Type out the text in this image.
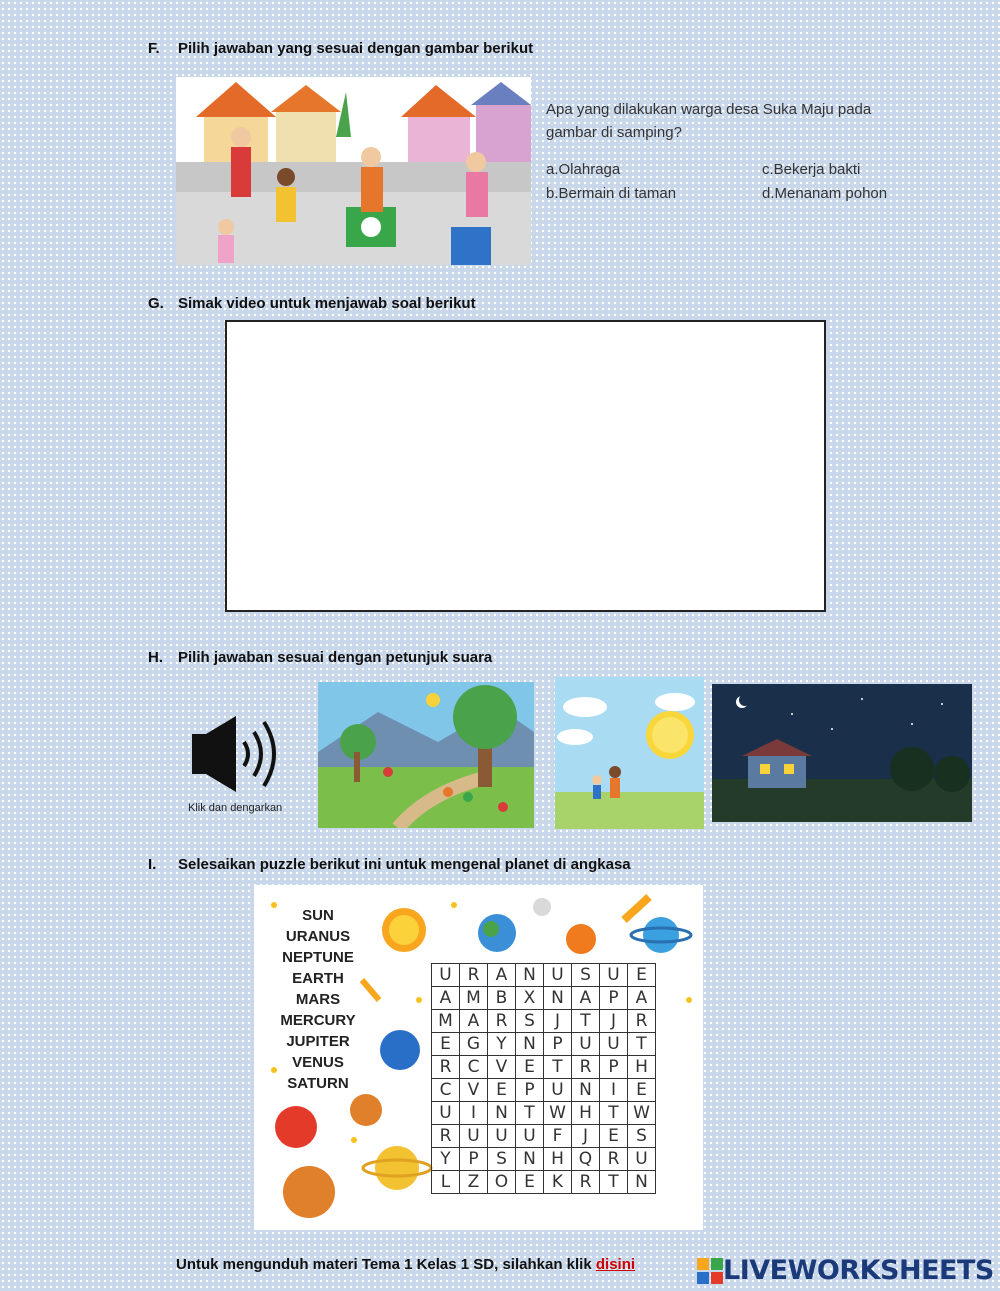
F. Pilih jawaban yang sesuai dengan gambar berikut
Apa yang dilakukan warga desa Suka Maju pada gambar di samping?
a.Olahraga	c.Bekerja bakti
b.Bermain di taman	d.Menanam pohon
G. Simak video untuk menjawab soal berikut
H. Pilih jawaban sesuai dengan petunjuk suara
Klik dan dengarkan
I. Selesaikan puzzle berikut ini untuk mengenal planet di angkasa
SUN
URANUS
NEPTUNE
EARTH
MARS
MERCURY
JUPITER
VENUS
SATURN
U	R	A	N	U	S	U	E
A	M	B	X	N	A	P	A
M	A	R	S	J	T	J	R
E	G	Y	N	P	U	U	T
R	C	V	E	T	R	P	H
C	V	E	P	U	N	I	E
U	I	N	T	W	H	T	W
R	U	U	U	F	J	E	S
Y	P	S	N	H	Q	R	U
L	Z	O	E	K	R	T	N
Untuk mengunduh materi Tema 1 Kelas 1 SD, silahkan klik disini	LIVEWORKSHEETS
